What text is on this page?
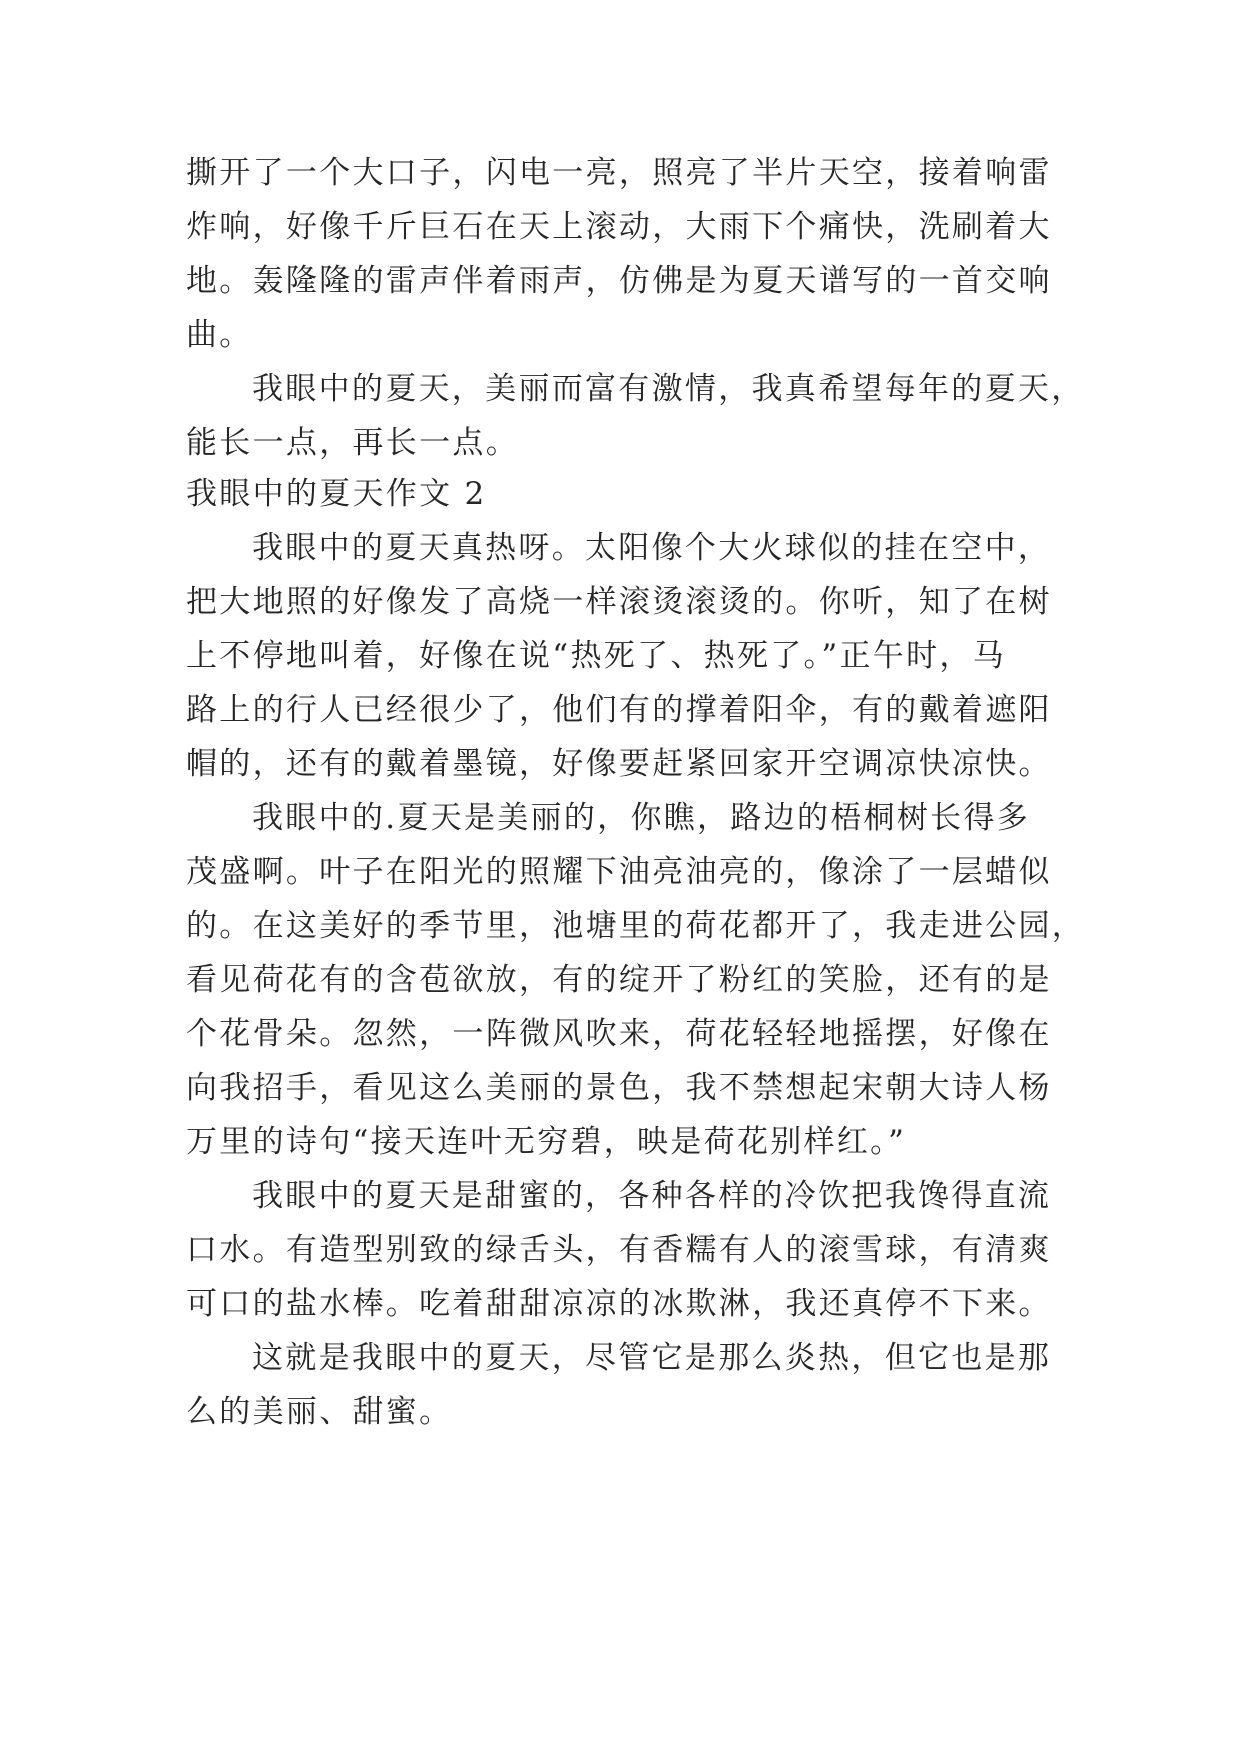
撕开了一个大口子，闪电一亮，照亮了半片天空，接着响雷
炸响，好像千斤巨石在天上滚动，大雨下个痛快，洗刷着大
地。轰隆隆的雷声伴着雨声，仿佛是为夏天谱写的一首交响
曲。
我眼中的夏天，美丽而富有激情，我真希望每年的夏天，
能长一点，再长一点。
我眼中的夏天作文 2
我眼中的夏天真热呀。太阳像个大火球似的挂在空中，
把大地照的好像发了高烧一样滚烫滚烫的。你听，知了在树
上不停地叫着，好像在说“热死了、热死了。”正午时，马
路上的行人已经很少了，他们有的撑着阳伞，有的戴着遮阳
帽的，还有的戴着墨镜，好像要赶紧回家开空调凉快凉快。
我眼中的.夏天是美丽的，你瞧，路边的梧桐树长得多
茂盛啊。叶子在阳光的照耀下油亮油亮的，像涂了一层蜡似
的。在这美好的季节里，池塘里的荷花都开了，我走进公园，
看见荷花有的含苞欲放，有的绽开了粉红的笑脸，还有的是
个花骨朵。忽然，一阵微风吹来，荷花轻轻地摇摆，好像在
向我招手，看见这么美丽的景色，我不禁想起宋朝大诗人杨
万里的诗句“接天连叶无穷碧，映是荷花别样红。”
我眼中的夏天是甜蜜的，各种各样的冷饮把我馋得直流
口水。有造型别致的绿舌头，有香糯有人的滚雪球，有清爽
可口的盐水棒。吃着甜甜凉凉的冰欺淋，我还真停不下来。
这就是我眼中的夏天，尽管它是那么炎热，但它也是那
么的美丽、甜蜜。
